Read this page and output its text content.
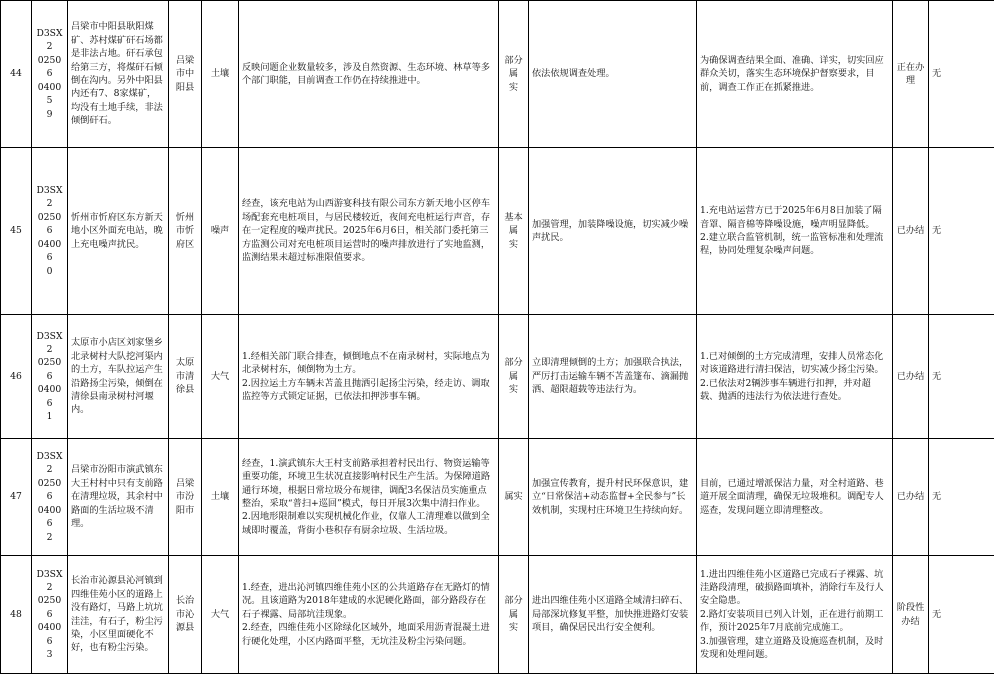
44	D3SX2
02506
04005
9	吕梁市中阳县耿阳煤矿、苏村煤矿矸石场都是非法占地。矸石承包给第三方，将煤矸石倾倒在沟内。另外中阳县内还有7、8家煤矿，均没有土地手续，非法倾倒矸石。	吕梁
市中
阳县	土壤	反映问题企业数量较多，涉及自然资源、生态环境、林草等多个部门职能，目前调查工作仍在持续推进中。	部分属
实	依法依规调查处理。	为确保调查结果全面、准确、详实，切实回应群众关切，落实生态环境保护督察要求，目前，调查工作正在抓紧推进。	正在办
理	无

45	D3SX2
02506
04006
0	忻州市忻府区东方新天地小区外面充电站，晚上充电噪声扰民。	忻州
市忻
府区	噪声	经查，该充电站为山西游宴科技有限公司东方新天地小区停车场配套充电桩项目，与居民楼较近，夜间充电桩运行声音，存在一定程度的噪声扰民。2025年6月6日，相关部门委托第三方监测公司对充电桩项目运营时的噪声排放进行了实地监测，监测结果未超过标准限值要求。	基本属
实	加强管理，加装降噪设施，切实减少噪声扰民。	1.充电站运营方已于2025年6月8日加装了隔音罩、隔音棉等降噪设施，噪声明显降低。
2.建立联合监管机制，统一监管标准和处理流程，协同处理复杂噪声问题。	已办结	无

46	D3SX2
02506
04006
1	太原市小店区刘家堡乡北录树村大队挖河渠内的土方，车队拉运产生沿路扬尘污染，倾倒在清徐县南录树村河堰内。	太原
市清
徐县	大气	1.经相关部门联合排查，倾倒地点不在南录树村，实际地点为北录树村东，倾倒物为土方。
2.因拉运土方车辆未苫盖且抛洒引起扬尘污染，经走访、调取监控等方式锁定证据，已依法扣押涉事车辆。	部分属
实	立即清理倾倒的土方；加强联合执法，严厉打击运输车辆不苫盖篷布、滴漏抛洒、超限超载等违法行为。	1.已对倾倒的土方完成清理，安排人员常态化对该道路进行清扫保洁，切实减少扬尘污染。
2.已依法对2辆涉事车辆进行扣押，并对超载、抛洒的违法行为依法进行查处。	已办结	无

47	D3SX2
02506
04006
2	吕梁市汾阳市演武镇东大王村村中只有支前路在清理垃圾，其余村中路面的生活垃圾不清理。	吕梁
市汾
阳市	土壤	经查，1.演武镇东大王村支前路承担着村民出行、物资运输等重要功能，环境卫生状况直接影响村民生产生活。为保障道路通行环境，根据日常垃圾分布规律，调配3名保洁员实施重点整治，采取“普扫+巡回”模式，每日开展3次集中清扫作业。
2.因地形限制难以实现机械化作业，仅靠人工清理难以做到全域即时覆盖，背街小巷积存有厨余垃圾、生活垃圾。	属实	加强宣传教育，提升村民环保意识，建立“日常保洁+动态监督+全民参与”长效机制，实现村庄环境卫生持续向好。	目前，已通过增派保洁力量，对全村道路、巷道开展全面清理，确保无垃圾堆积。调配专人巡查，发现问题立即清理整改。	已办结	无

48	D3SX2
02506
04006
3	长治市沁源县沁河镇到四维佳苑小区的道路上没有路灯，马路上坑坑洼洼，有石子，粉尘污染，小区里面硬化不好，也有粉尘污染。	长治
市沁
源县	大气	1.经查，进出沁河镇四维佳苑小区的公共道路存在无路灯的情况。且该道路为2018年建成的水泥硬化路面，部分路段存在石子裸露、局部坑洼现象。
2.经查，四维佳苑小区除绿化区域外，地面采用沥青混凝土进行硬化处理，小区内路面平整，无坑洼及粉尘污染问题。	部分属
实	进出四维佳苑小区道路全域清扫碎石、局部深坑修复平整，加快推进路灯安装项目，确保居民出行安全便利。	1.进出四维佳苑小区道路已完成石子裸露、坑洼路段清理，破损路面填补，消除行车及行人安全隐患。
2.路灯安装项目已列入计划，正在进行前期工作，预计2025年7月底前完成施工。
3.加强管理，建立道路及设施巡查机制，及时发现和处理问题。	阶段性
办结	无
